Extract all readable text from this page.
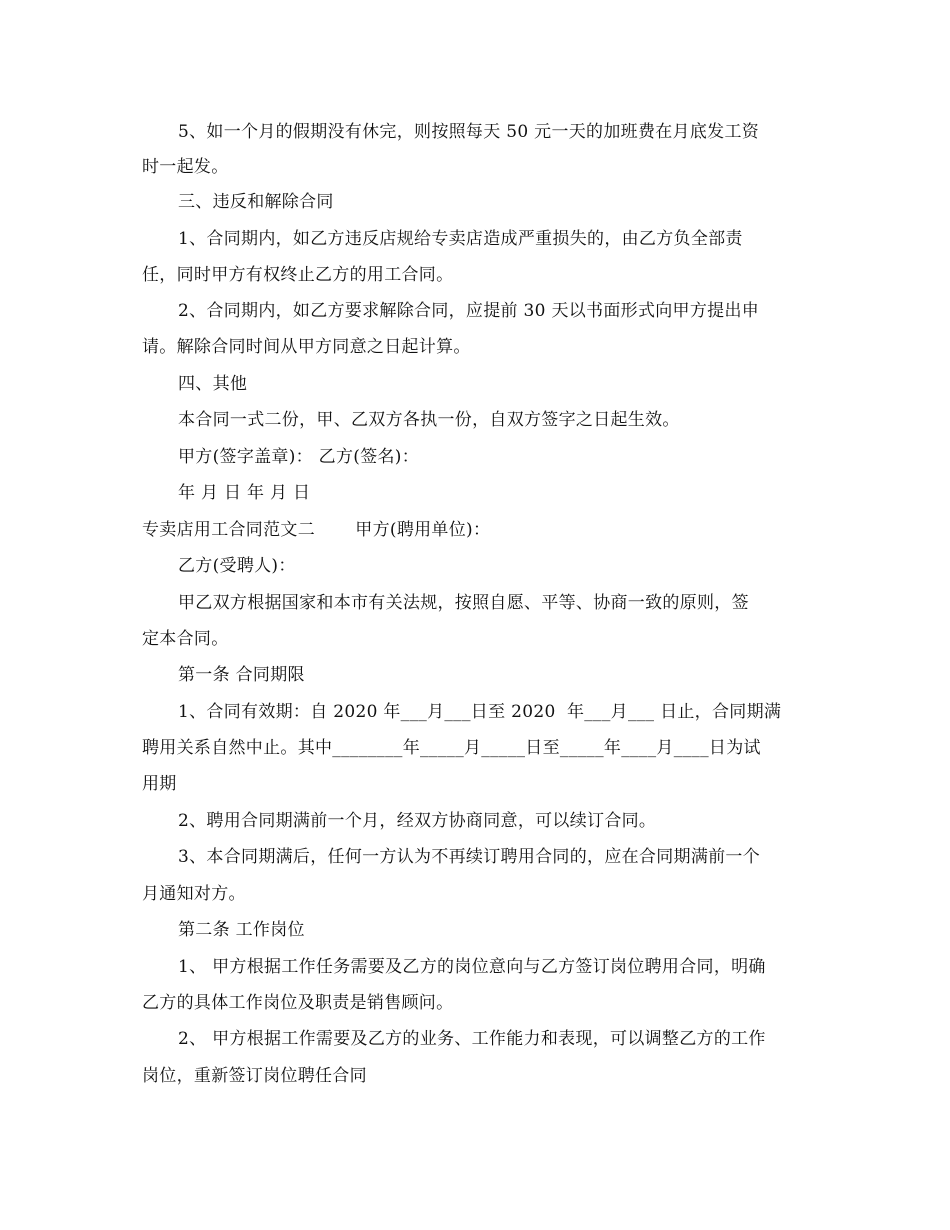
5、如一个月的假期没有休完，则按照每天 50 元一天的加班费在月底发工资
时一起发。
三、违反和解除合同
1、合同期内，如乙方违反店规给专卖店造成严重损失的，由乙方负全部责
任，同时甲方有权终止乙方的用工合同。
2、合同期内，如乙方要求解除合同，应提前 30 天以书面形式向甲方提出申
请。解除合同时间从甲方同意之日起计算。
四、其他
本合同一式二份，甲、乙双方各执一份，自双方签字之日起生效。
甲方(签字盖章)： 乙方(签名)：
年 月 日 年 月 日
专卖店用工合同范文二　　 甲方(聘用单位)：
乙方(受聘人)：
甲乙双方根据国家和本市有关法规，按照自愿、平等、协商一致的原则，签
定本合同。
第一条 合同期限
1、合同有效期：自 2020 年___月___日至 2020  年___月___ 日止，合同期满
聘用关系自然中止。其中________年_____月_____日至_____年____月____日为试
用期
2、聘用合同期满前一个月，经双方协商同意，可以续订合同。
3、本合同期满后，任何一方认为不再续订聘用合同的，应在合同期满前一个
月通知对方。
第二条 工作岗位
1、 甲方根据工作任务需要及乙方的岗位意向与乙方签订岗位聘用合同，明确
乙方的具体工作岗位及职责是销售顾问。
2、 甲方根据工作需要及乙方的业务、工作能力和表现，可以调整乙方的工作
岗位，重新签订岗位聘任合同
